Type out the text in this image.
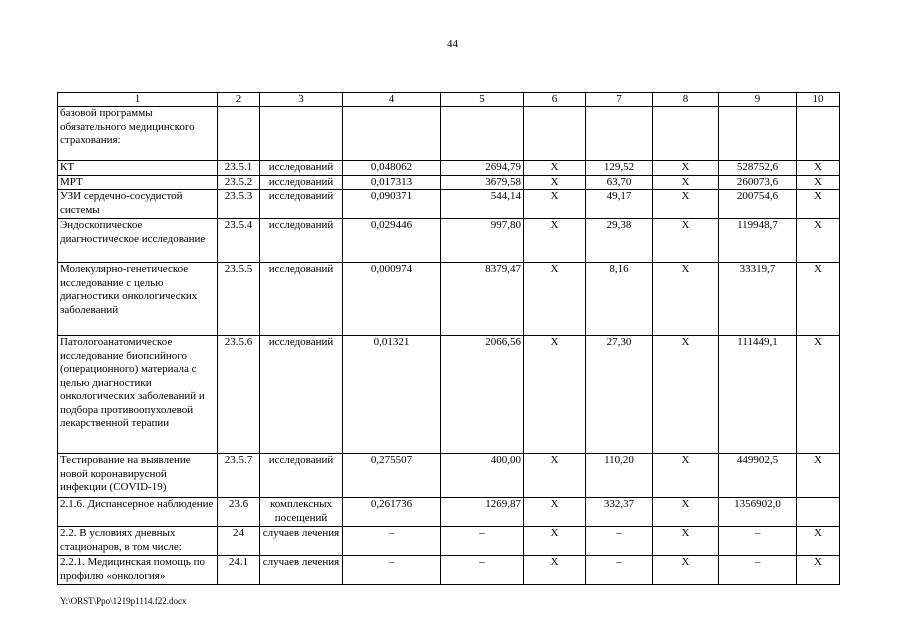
44
1	2	3	4	5	6	7	8	9	10
базовой программы обязательного медицинского страхования:									
КТ	23.5.1	исследований	0,048062	2694,79	Х	129,52	Х	528752,6	Х
МРТ	23.5.2	исследований	0,017313	3679,58	Х	63,70	Х	260073,6	Х
УЗИ сердечно-сосудистой системы	23.5.3	исследований	0,090371	544,14	Х	49,17	Х	200754,6	Х
Эндоскопическое диагностическое исследование	23.5.4	исследований	0,029446	997,80	Х	29,38	Х	119948,7	Х
Молекулярно-генетическое исследование с целью диагностики онкологических заболеваний	23.5.5	исследований	0,000974	8379,47	Х	8,16	Х	33319,7	Х
Патологоанатомическое исследование биопсийного (операционного) материала с целью диагностики онкологических заболеваний и подбора противоопухолевой лекарственной терапии	23.5.6	исследований	0,01321	2066,56	Х	27,30	Х	111449,1	Х
Тестирование на выявление новой коронавирусной инфекции (COVID-19)	23.5.7	исследований	0,275507	400,00	Х	110,20	Х	449902,5	Х
2.1.6. Диспансерное наблюдение	23.6	комплексных посещений	0,261736	1269,87	Х	332,37	Х	1356902,0	
2.2. В условиях дневных стационаров, в том числе:	24	случаев лечения	–	–	Х	–	Х	–	Х
2.2.1. Медицинская помощь по профилю «онкология»	24.1	случаев лечения	–	–	Х	–	Х	–	Х
Y:\ORST\Ppo\1219p1114.f22.docx
